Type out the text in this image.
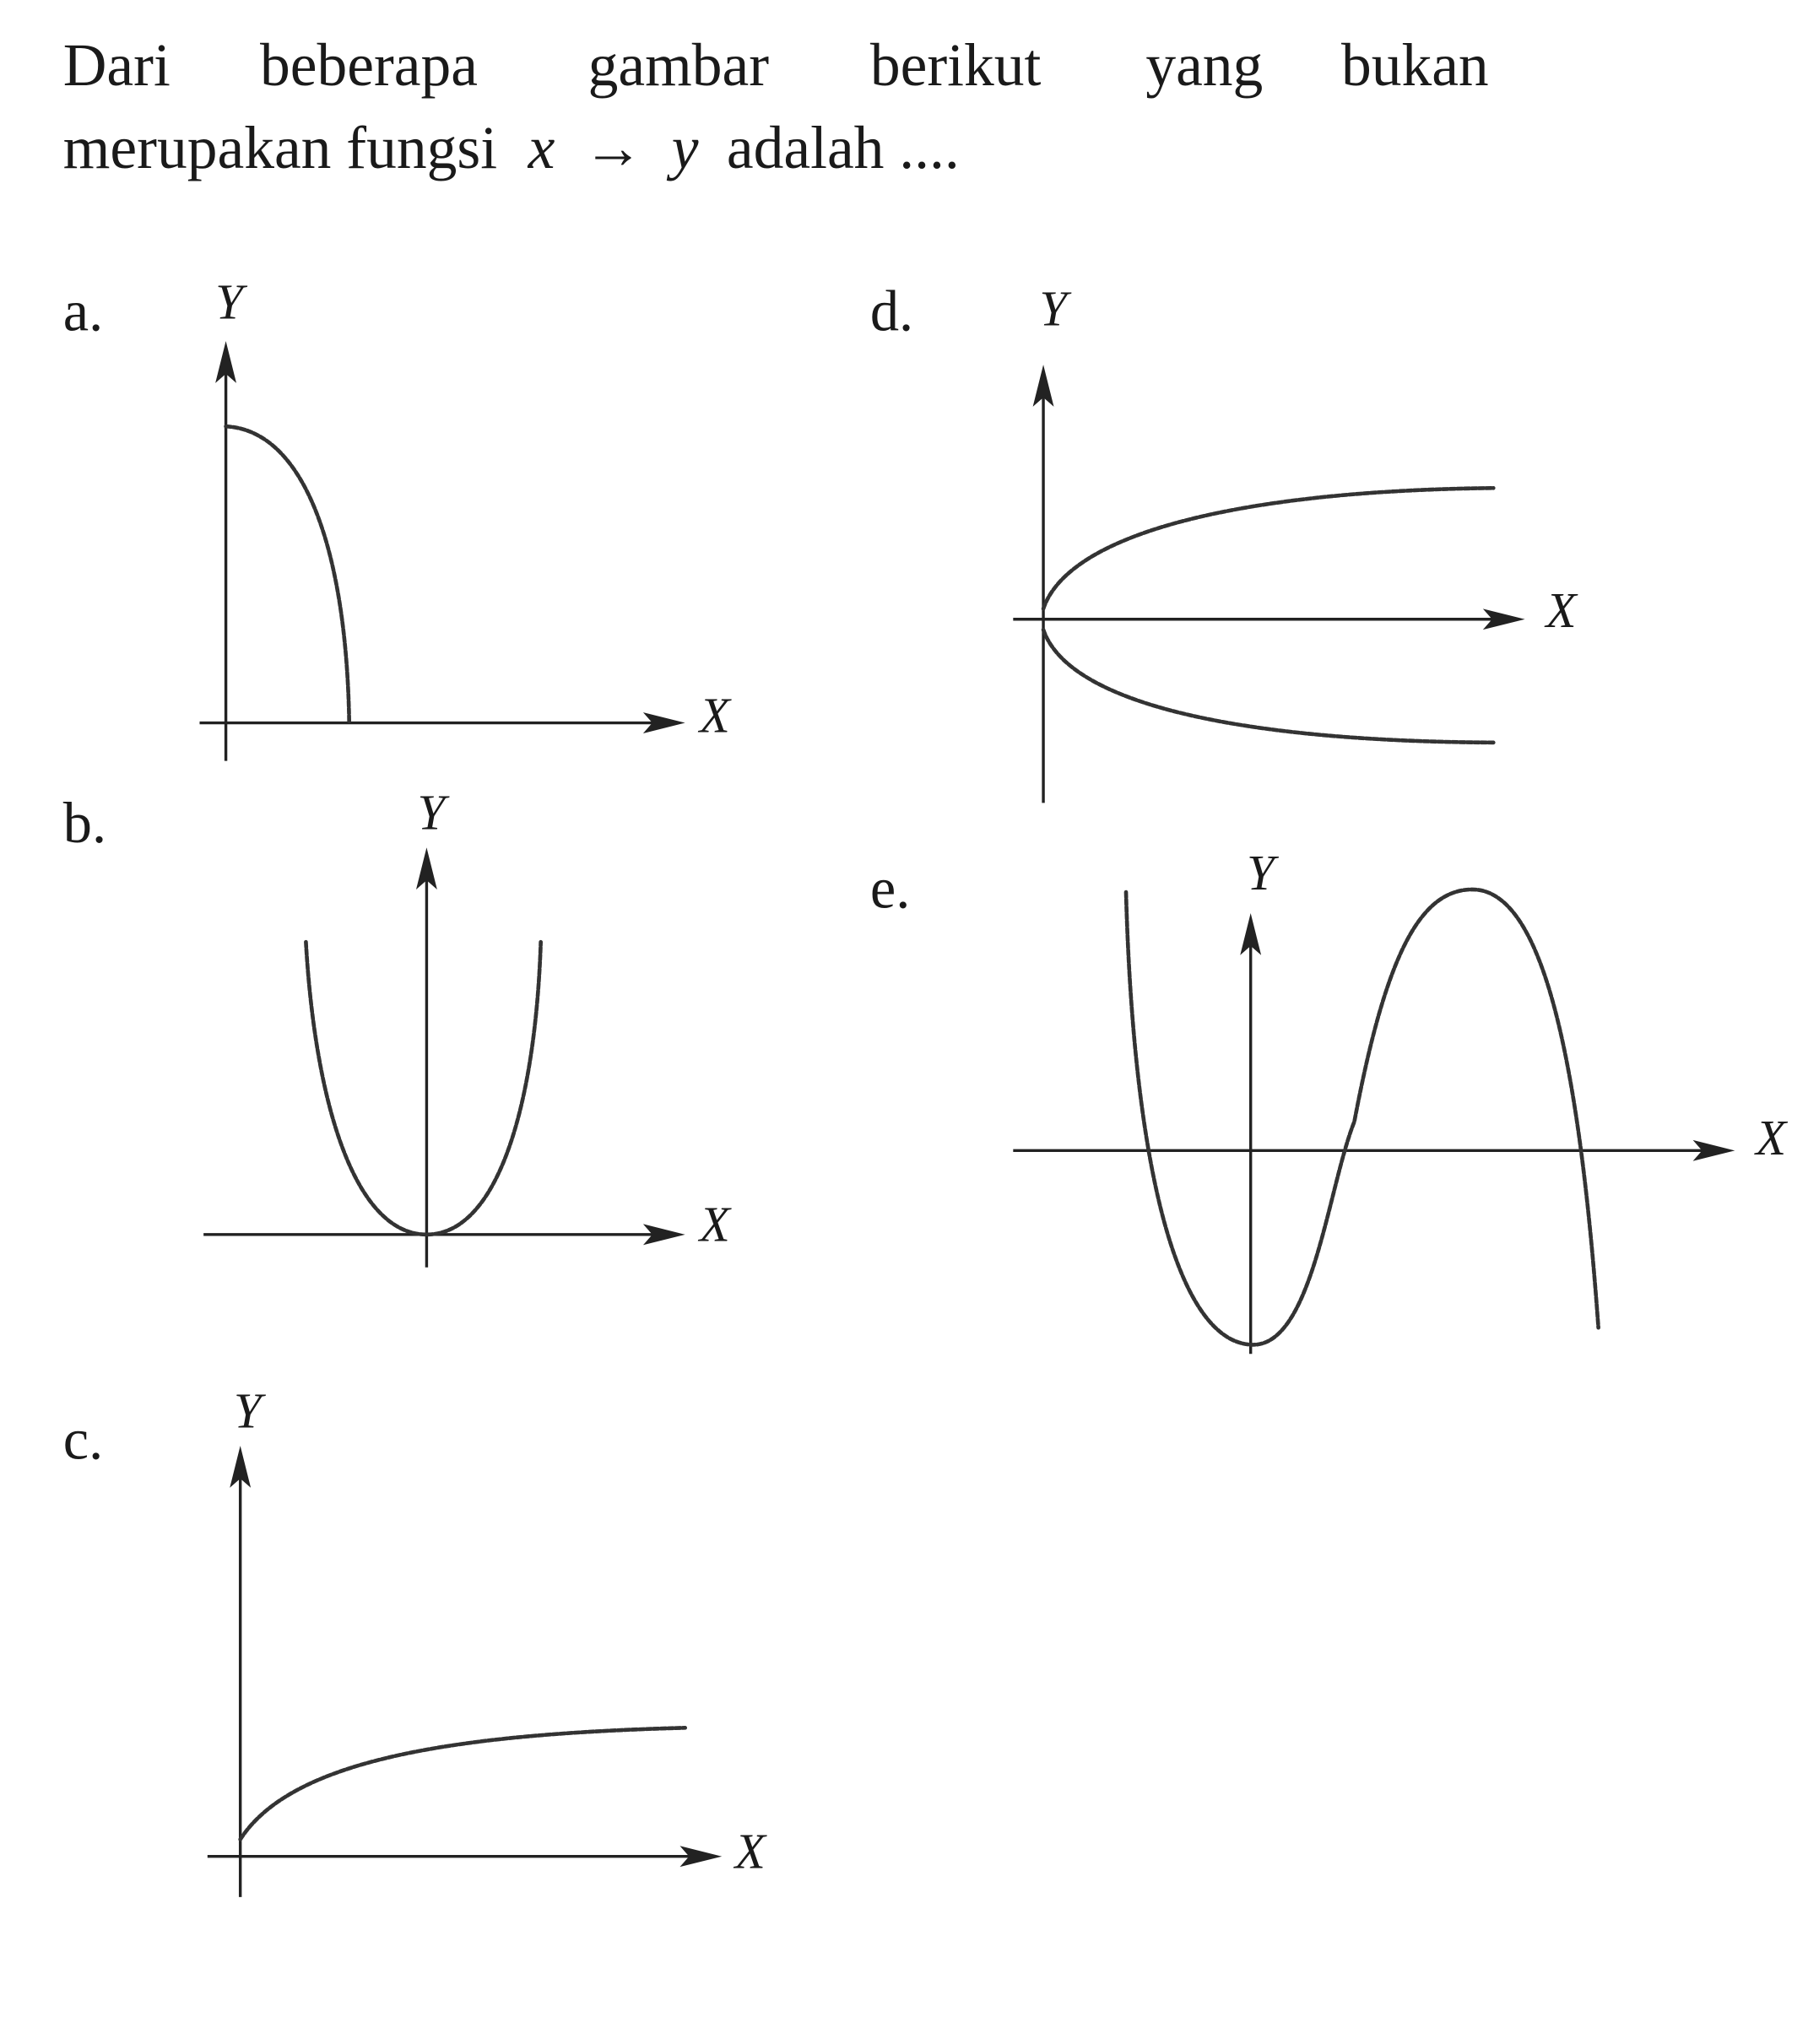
Dari beberapa	gambar	berikut	yang bukan
merupakan fungsi x → y adalah ....
a.	Y
X
b.	Y
X
c.	Y
X
d.	Y
X
e.	Y
X
